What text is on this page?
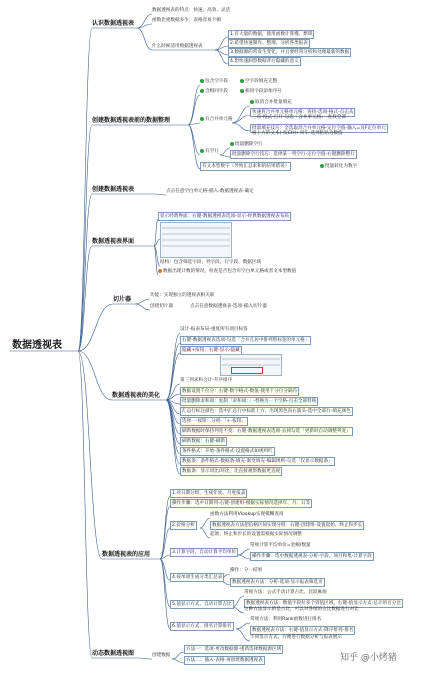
数据透视表
认识数据透视表
数据透视表的特点：快速、高效、灵活
函数比重数据多少，表格容易卡顿
什么时候适用数据透视表
1.有大量的数据，使用函数计算慢、繁琐
2.希望快速制作、整理、分析各类报表
3.数据源的常发生变化，并且要经常分析和处理最新的数据
4.想快速洞察数据背后隐藏的意义
创建数据透视表前的数据整理
包含空字段	空字段填充完整
含相同字段	相同字段添加序号
有合并单元格
取消合并批量填充
快速将合并单元格单元格：查找-选项-格式-点击从
三角-格式-打开-勾选「合并单元格」-查找全部
批量填充技巧：全选取消合并单元格-定位空值-输入=及F定位单元
格上方的文本)-按Ctrl+回车-选择粘贴为数值
有空行
批量删除空行
批量删除空行技巧：选择某一列空行-定位空值-右键删除整行
有文本型数字（导致汇总求和的结果错误）	批量转化为数字
创建数据透视表	点击任意空白单元格-插入-数据透视表-确定
数据透视表界面
显示经典界面：右键-数据透视表选项-显示-经典数据透视表布局
结构：包含筛选字段、列字段、行字段、数据区域
数据出现计数的情况，检查是否包含有空白单元格或者文本型数值
切片器
功能：实现独立的透视表相关联
创建切片器	点击任意数据透视表-选项-插入切片器
数据透视表的美化
设计-报表布局-重复所有项目标签
右键-数据透视表选项-勾选「合并且居中排列带标签的单元格」
隐藏+按钮：右键-显示-隐藏
第三列求和合计-升序排序
数据设置千位分：右键-数字格式-数值-使用千分位分隔符
批量删除求和项：复制「求和项：」-替换为一个空格-点击全部替换
汇总行标注颜色：选中汇总行中标准上方，出现黑色向右箭头-选中全部行-填充颜色
选择一-按钮：分析-「+-按钮」
刷新数据时保持列宽不变：右键-数据透视表选项-去掉勾选「更新时自动调整列宽」
刷新数据：右键-刷新
条件格式：开始-条件格式-设置格式如规则红
数据条：条件格式-数据条-填充-渐变填充-编辑规则-勾选「仅显示数据条」
数据条：显示同比/环比，比直接观察数据更直观
数据透视表的应用
1.对日期分组，生成年度、月度报表
操作步骤：选中日期列-右键-创建组-根据实际情况选择年、月、日等
2.价格分析
函数方法利用Vlookup实现模糊查询
数据透视表方法把价格区间实现分组：右键-创建组-设置起始、终止和步长
起始、终止和步长的设置需根据实际情况调整
3.计算字段，自动计算平均单价
常规计算平均单价=金额/数量
操作步骤：选中数据透视表-分析-字段、项目和集-计算字段
4.按单项生成分类汇总表
操作：分一结果
数据透视表方法：分析-选项-显示报表筛选页
5.值显示方式，自动计算占比
常规方法：公式手动计算占比，比较麻烦
数据透视表方法：数值字段拉多个到值区域，右键-值显示方式-总计的百分比
这种方法显示的是占比，可以对各项的占比数据进行对比
6.值显示方式，排名计算排名
常规方法：利用Rank函数进行排名
数据透视表方法：右键-值显示方式-降序排列-排名
不同显示方式，方便进行数据分析与报表展示
动态数据透视图	创建数据
方法一：选项-更改数据源-重新选择数据源区域
方法二：插入-表格-再创建数据透视表	知乎 @小烤豬
